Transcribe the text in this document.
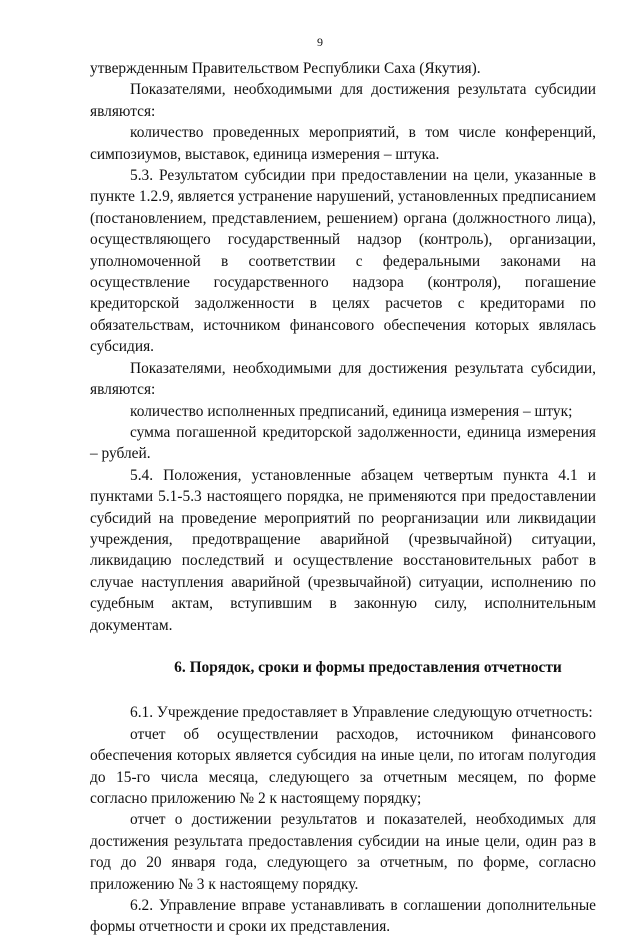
9

утвержденным Правительством Республики Саха (Якутия).

Показателями, необходимыми для достижения результата субсидии являются:

количество проведенных мероприятий, в том числе конференций, симпозиумов, выставок, единица измерения – штука.

5.3. Результатом субсидии при предоставлении на цели, указанные в пункте 1.2.9, является устранение нарушений, установленных предписанием (постановлением, представлением, решением) органа (должностного лица), осуществляющего государственный надзор (контроль), организации, уполномоченной в соответствии с федеральными законами на осуществление государственного надзора (контроля), погашение кредиторской задолженности в целях расчетов с кредиторами по обязательствам, источником финансового обеспечения которых являлась субсидия.

Показателями, необходимыми для достижения результата субсидии, являются:

количество исполненных предписаний, единица измерения – штук;

сумма погашенной кредиторской задолженности, единица измерения – рублей.

5.4. Положения, установленные абзацем четвертым пункта 4.1 и пунктами 5.1-5.3 настоящего порядка, не применяются при предоставлении субсидий на проведение мероприятий по реорганизации или ликвидации учреждения, предотвращение аварийной (чрезвычайной) ситуации, ликвидацию последствий и осуществление восстановительных работ в случае наступления аварийной (чрезвычайной) ситуации, исполнению по судебным актам, вступившим в законную силу, исполнительным документам.

6. Порядок, сроки и формы предоставления отчетности

6.1. Учреждение предоставляет в Управление следующую отчетность:

отчет об осуществлении расходов, источником финансового обеспечения которых является субсидия на иные цели, по итогам полугодия до 15-го числа месяца, следующего за отчетным месяцем, по форме согласно приложению № 2 к настоящему порядку;

отчет о достижении результатов и показателей, необходимых для достижения результата предоставления субсидии на иные цели, один раз в год до 20 января года, следующего за отчетным, по форме, согласно приложению № 3 к настоящему порядку.

6.2. Управление вправе устанавливать в соглашении дополнительные формы отчетности и сроки их представления.
